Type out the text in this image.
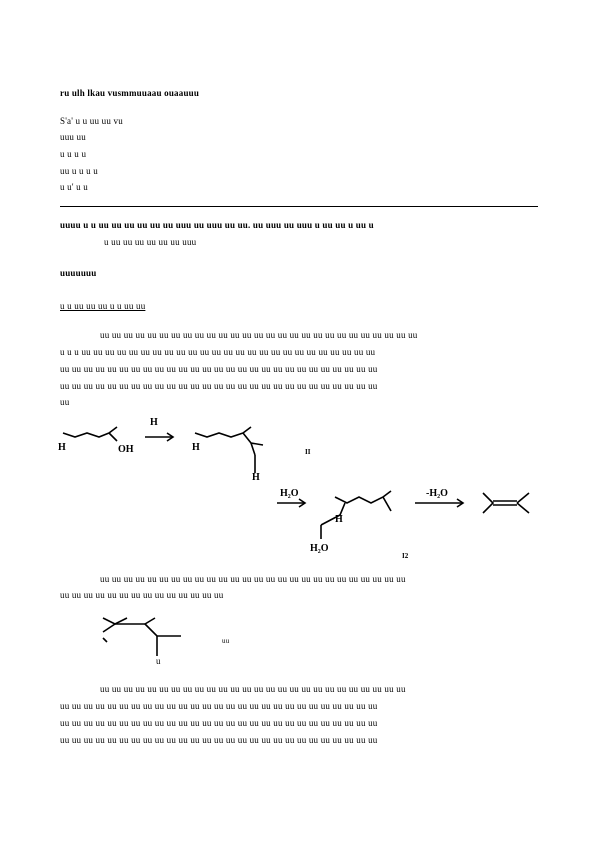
ru ulh lkau vusmmuuaau ouaauuu
S'a' u u uu uu vu
uuu uu
u u u u
uu u u u u
u u' u u
uuuu u u uu uu uu uu uu uu uuu uu uuu uu uu. uu uuu uu uuu u uu uu u uu u
u uu uu uu uu uu uu uuu
uuuuuuu
u u uu uu uu u u uu uu
uu uu uu uu uu uu uu uu uu uu uu uu uu uu uu uu uu uu uu uu uu uu uu uu uu uu uu
u u u uu uu uu uu uu uu uu uu uu uu uu uu uu uu uu uu uu uu uu uu uu uu uu uu uu
uu uu uu uu uu uu uu uu uu uu uu uu uu uu uu uu uu uu uu uu uu uu uu uu uu uu uu
uu uu uu uu uu uu uu uu uu uu uu uu uu uu uu uu uu uu uu uu uu uu uu uu uu uu uu
uu
H	OH
H
H
H
II
H₂O	-H₂O
H₂O
H
I2
uu uu uu uu uu uu uu uu uu uu uu uu uu uu uu uu uu uu uu uu uu uu uu uu uu uu
uu uu uu uu uu uu uu uu uu uu uu uu uu uu
uu
u
uu uu uu uu uu uu uu uu uu uu uu uu uu uu uu uu uu uu uu uu uu uu uu uu uu uu
uu uu uu uu uu uu uu uu uu uu uu uu uu uu uu uu uu uu uu uu uu uu uu uu uu uu uu
uu uu uu uu uu uu uu uu uu uu uu uu uu uu uu uu uu uu uu uu uu uu uu uu uu uu uu
uu uu uu uu uu uu uu uu uu uu uu uu uu uu uu uu uu uu uu uu uu uu uu uu uu uu uu
